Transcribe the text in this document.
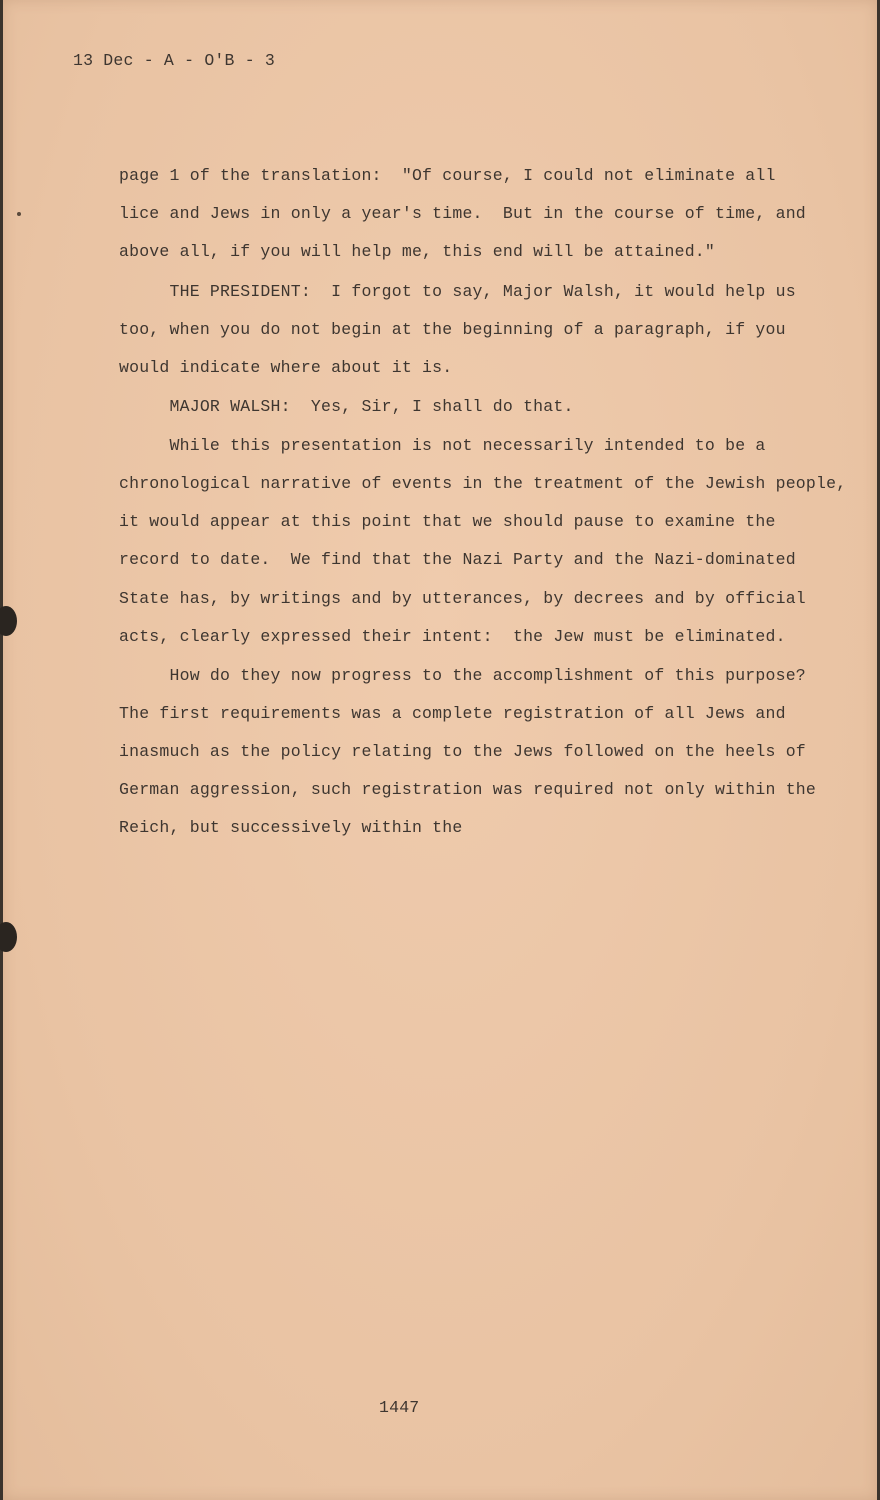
13 Dec - A - O'B - 3
page 1 of the translation:  "Of course, I could not eliminate all
lice and Jews in only a year's time.  But in the course of time, and
above all, if you will help me, this end will be attained."
THE PRESIDENT:  I forgot to say, Major Walsh, it would help us
too, when you do not begin at the beginning of a paragraph, if you
would indicate where about it is.
MAJOR WALSH:  Yes, Sir, I shall do that.
While this presentation is not necessarily intended to be a
chronological narrative of events in the treatment of the Jewish people,
it would appear at this point that we should pause to examine the
record to date.  We find that the Nazi Party and the Nazi-dominated
State has, by writings and by utterances, by decrees and by official
acts, clearly expressed their intent:  the Jew must be eliminated.
How do they now progress to the accomplishment of this purpose?
The first requirements was a complete registration of all Jews and
inasmuch as the policy relating to the Jews followed on the heels of
German aggression, such registration was required not only within the
Reich, but successively within the
1447
